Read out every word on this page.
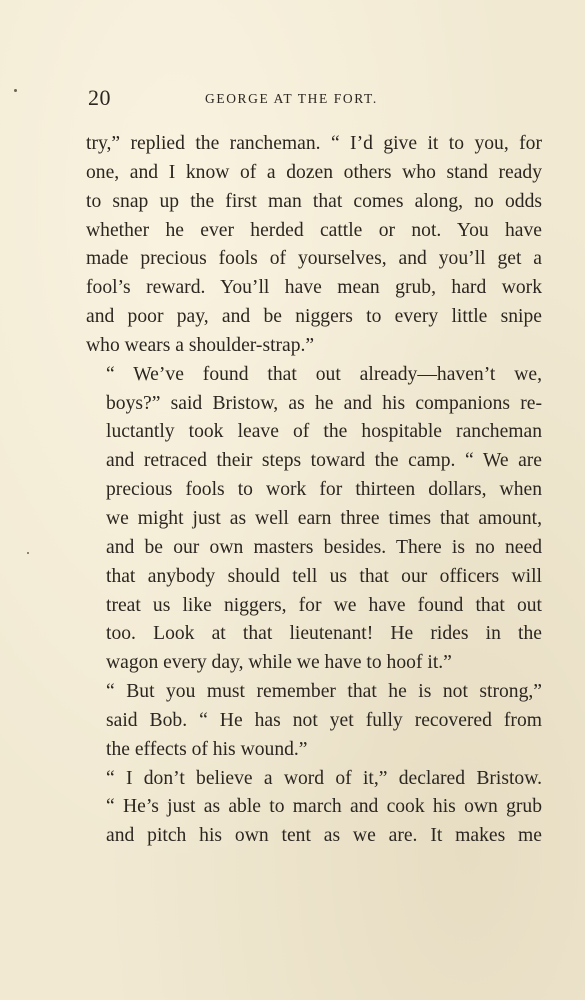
20	GEORGE AT THE FORT.

try,” replied the rancheman. “ I’d give it to you, for
one, and I know of a dozen others who stand ready
to snap up the first man that comes along, no odds
whether he ever herded cattle or not. You have
made precious fools of yourselves, and you’ll get a
fool’s reward. You’ll have mean grub, hard work
and poor pay, and be niggers to every little snipe
who wears a shoulder-strap.”

“ We’ve found that out already—haven’t we,
boys?” said Bristow, as he and his companions re-
luctantly took leave of the hospitable rancheman
and retraced their steps toward the camp. “ We are
precious fools to work for thirteen dollars, when
we might just as well earn three times that amount,
and be our own masters besides. There is no need
that anybody should tell us that our officers will
treat us like niggers, for we have found that out
too. Look at that lieutenant! He rides in the
wagon every day, while we have to hoof it.”

“ But you must remember that he is not strong,”
said Bob. “ He has not yet fully recovered from
the effects of his wound.”

“ I don’t believe a word of it,” declared Bristow.
“ He’s just as able to march and cook his own grub
and pitch his own tent as we are. It makes me
